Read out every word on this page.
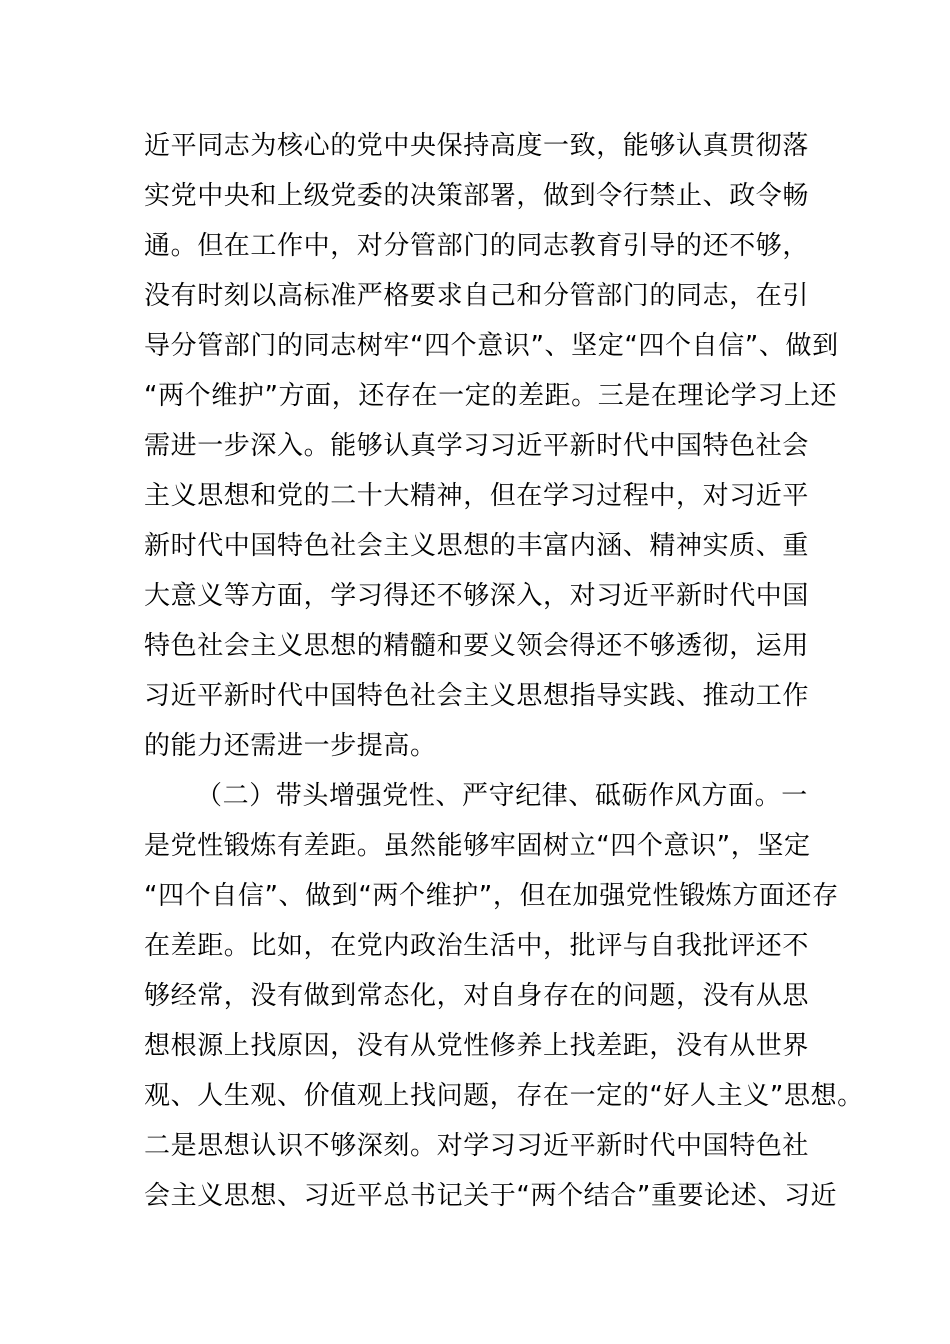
近平同志为核心的党中央保持高度一致，能够认真贯彻落
实党中央和上级党委的决策部署，做到令行禁止、政令畅
通。但在工作中，对分管部门的同志教育引导的还不够，
没有时刻以高标准严格要求自己和分管部门的同志，在引
导分管部门的同志树牢“四个意识”、坚定“四个自信”、做到
“两个维护”方面，还存在一定的差距。三是在理论学习上还
需进一步深入。能够认真学习习近平新时代中国特色社会
主义思想和党的二十大精神，但在学习过程中，对习近平
新时代中国特色社会主义思想的丰富内涵、精神实质、重
大意义等方面，学习得还不够深入，对习近平新时代中国
特色社会主义思想的精髓和要义领会得还不够透彻，运用
习近平新时代中国特色社会主义思想指导实践、推动工作
的能力还需进一步提高。
（二）带头增强党性、严守纪律、砥砺作风方面。一
是党性锻炼有差距。虽然能够牢固树立“四个意识”，坚定
“四个自信”、做到“两个维护”，但在加强党性锻炼方面还存
在差距。比如，在党内政治生活中，批评与自我批评还不
够经常，没有做到常态化，对自身存在的问题，没有从思
想根源上找原因，没有从党性修养上找差距，没有从世界
观、人生观、价值观上找问题，存在一定的“好人主义”思想。
二是思想认识不够深刻。对学习习近平新时代中国特色社
会主义思想、习近平总书记关于“两个结合”重要论述、习近
